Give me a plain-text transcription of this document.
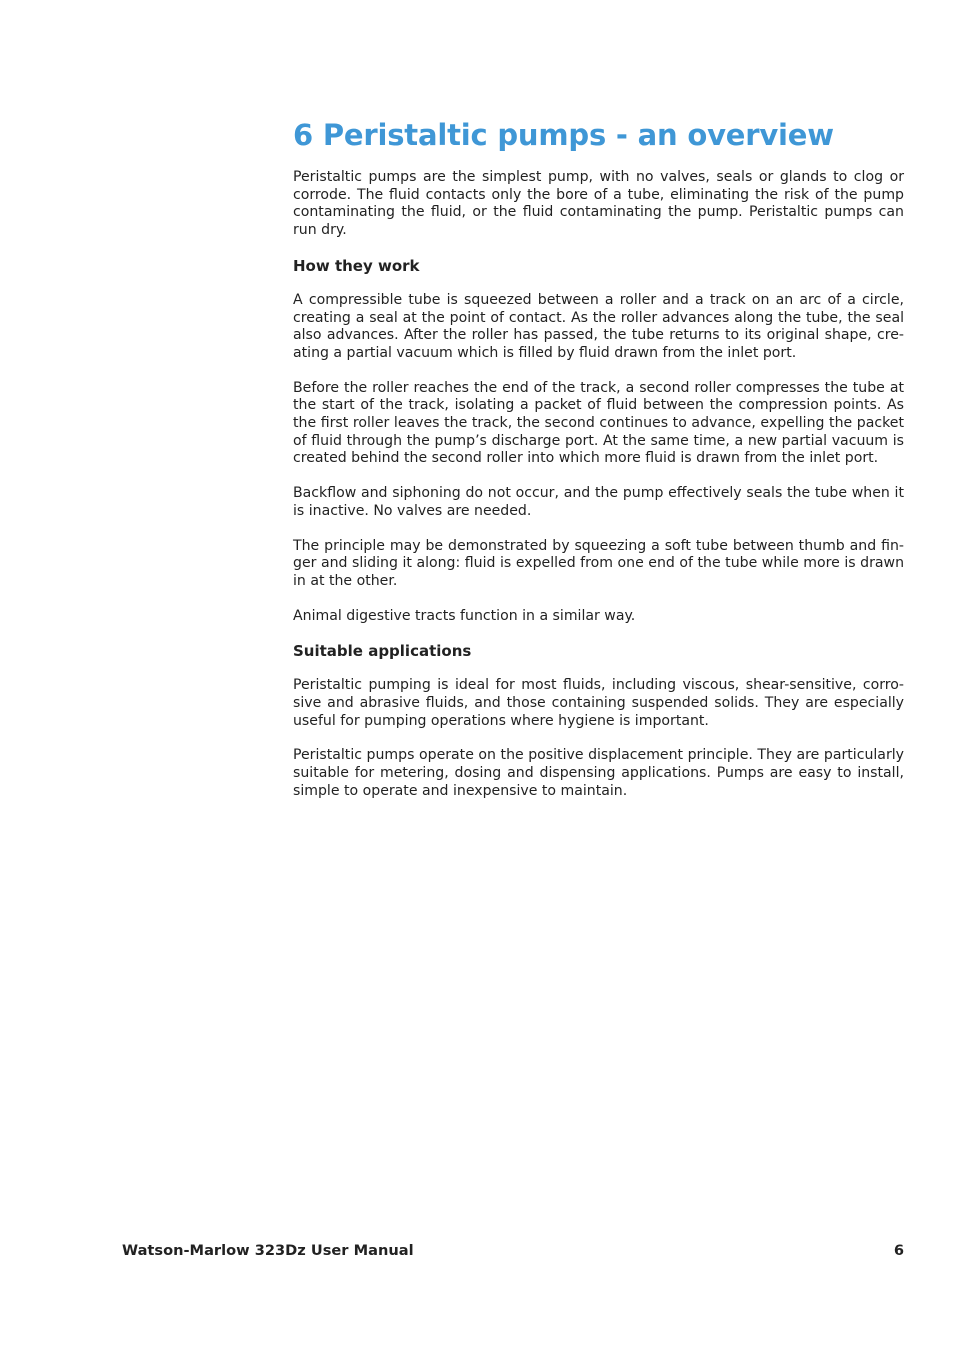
6 Peristaltic pumps - an overview

Peristaltic pumps are the simplest pump, with no valves, seals or glands to clog or corrode. The fluid contacts only the bore of a tube, eliminating the risk of the pump contaminating the fluid, or the fluid contaminating the pump. Peristaltic pumps can run dry.

How they work

A compressible tube is squeezed between a roller and a track on an arc of a circle, creating a seal at the point of contact. As the roller advances along the tube, the seal also advances. After the roller has passed, the tube returns to its original shape, creating a partial vacuum which is filled by fluid drawn from the inlet port.

Before the roller reaches the end of the track, a second roller compresses the tube at the start of the track, isolating a packet of fluid between the compression points. As the first roller leaves the track, the second continues to advance, expelling the packet of fluid through the pump’s discharge port. At the same time, a new partial vacuum is created behind the second roller into which more fluid is drawn from the inlet port.

Backflow and siphoning do not occur, and the pump effectively seals the tube when it is inactive. No valves are needed.

The principle may be demonstrated by squeezing a soft tube between thumb and finger and sliding it along: fluid is expelled from one end of the tube while more is drawn in at the other.

Animal digestive tracts function in a similar way.

Suitable applications

Peristaltic pumping is ideal for most fluids, including viscous, shear-sensitive, corrosive and abrasive fluids, and those containing suspended solids. They are especially useful for pumping operations where hygiene is important.

Peristaltic pumps operate on the positive displacement principle. They are particularly suitable for metering, dosing and dispensing applications. Pumps are easy to install, simple to operate and inexpensive to maintain.

Watson-Marlow 323Dz User Manual	6
